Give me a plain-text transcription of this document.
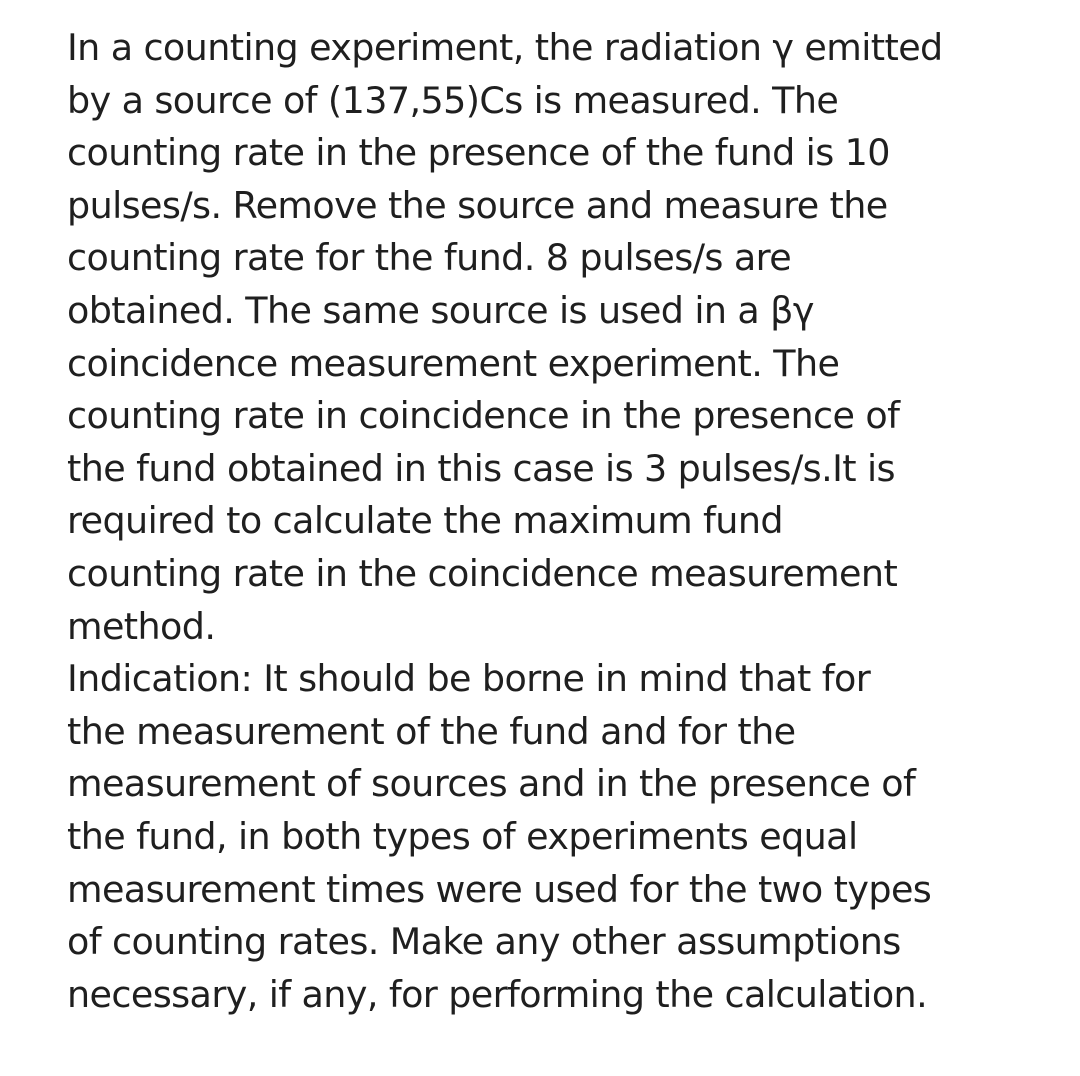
In a counting experiment, the radiation γ emitted
by a source of (137,55)Cs is measured. The
counting rate in the presence of the fund is 10
pulses/s. Remove the source and measure the
counting rate for the fund. 8 pulses/s are
obtained. The same source is used in a βγ
coincidence measurement experiment. The
counting rate in coincidence in the presence of
the fund obtained in this case is 3 pulses/s.It is
required to calculate the maximum fund
counting rate in the coincidence measurement
method.
Indication: It should be borne in mind that for
the measurement of the fund and for the
measurement of sources and in the presence of
the fund, in both types of experiments equal
measurement times were used for the two types
of counting rates. Make any other assumptions
necessary, if any, for performing the calculation.
